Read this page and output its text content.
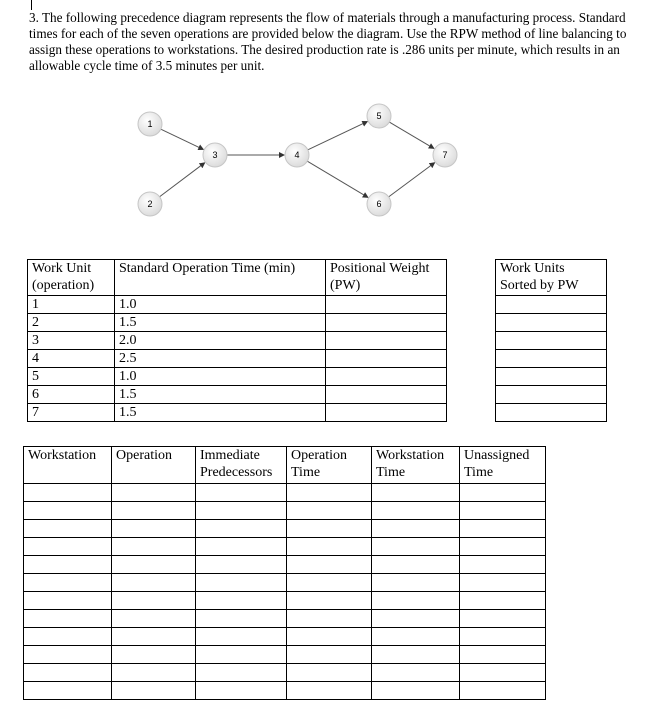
3. The following precedence diagram represents the flow of materials through a manufacturing process. Standard times for each of the seven operations are provided below the diagram. Use the RPW method of line balancing to assign these operations to workstations. The desired production rate is .286 units per minute, which results in an allowable cycle time of 3.5 minutes per unit.

1
2
3	4
5
6
7
Work Unit (operation)	Standard Operation Time (min)	Positional Weight (PW)
1	1.0	
2	1.5	
3	2.0	
4	2.5	
5	1.0	
6	1.5	
7	1.5	
Work Units Sorted by PW

Workstation	Operation	Immediate Predecessors	Operation Time	Workstation Time	Unassigned Time
